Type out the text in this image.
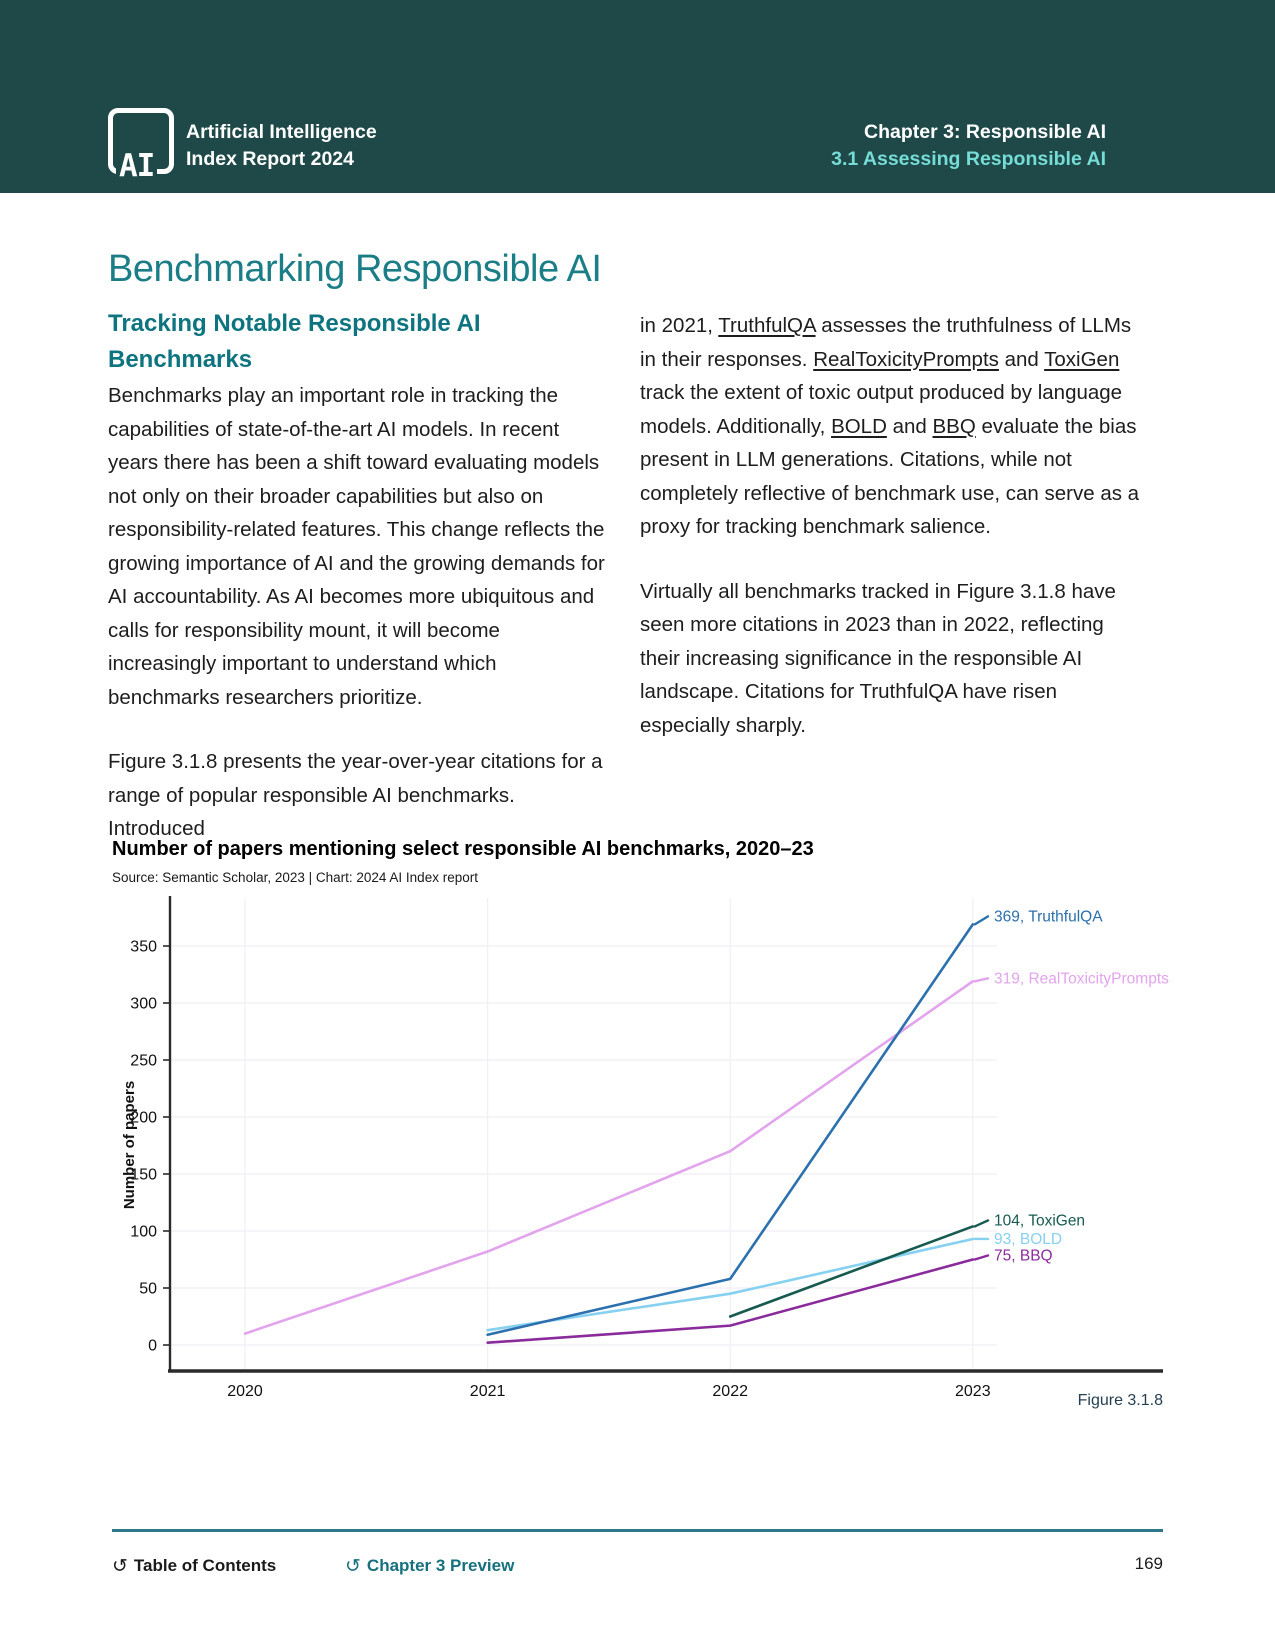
AI
Artificial Intelligence
Index Report 2024
Chapter 3: Responsible AI
3.1 Assessing Responsible AI
Benchmarking Responsible AI
Tracking Notable Responsible AI Benchmarks

Benchmarks play an important role in tracking the capabilities of state-of-the-art AI models. In recent years there has been a shift toward evaluating models not only on their broader capabilities but also on responsibility-related features. This change reflects the growing importance of AI and the growing demands for AI accountability. As AI becomes more ubiquitous and calls for responsibility mount, it will become increasingly important to understand which benchmarks researchers prioritize.

Figure 3.1.8 presents the year-over-year citations for a range of popular responsible AI benchmarks. Introduced

in 2021, TruthfulQA assesses the truthfulness of LLMs in their responses. RealToxicityPrompts and ToxiGen track the extent of toxic output produced by language models. Additionally, BOLD and BBQ evaluate the bias present in LLM generations. Citations, while not completely reflective of benchmark use, can serve as a proxy for tracking benchmark salience.

Virtually all benchmarks tracked in Figure 3.1.8 have seen more citations in 2023 than in 2022, reflecting their increasing significance in the responsible AI landscape. Citations for TruthfulQA have risen especially sharply.

Number of papers mentioning select responsible AI benchmarks, 2020–23
Source: Semantic Scholar, 2023 | Chart: 2024 AI Index report
0
50
100
150
200
250
300
350
2020	2021	2022	2023
Number of papers
369, TruthfulQA
319, RealToxicityPrompts
104, ToxiGen
93, BOLD
75, BBQ
Figure 3.1.8
↺ Table of Contents	↺ Chapter 3 Preview	169
